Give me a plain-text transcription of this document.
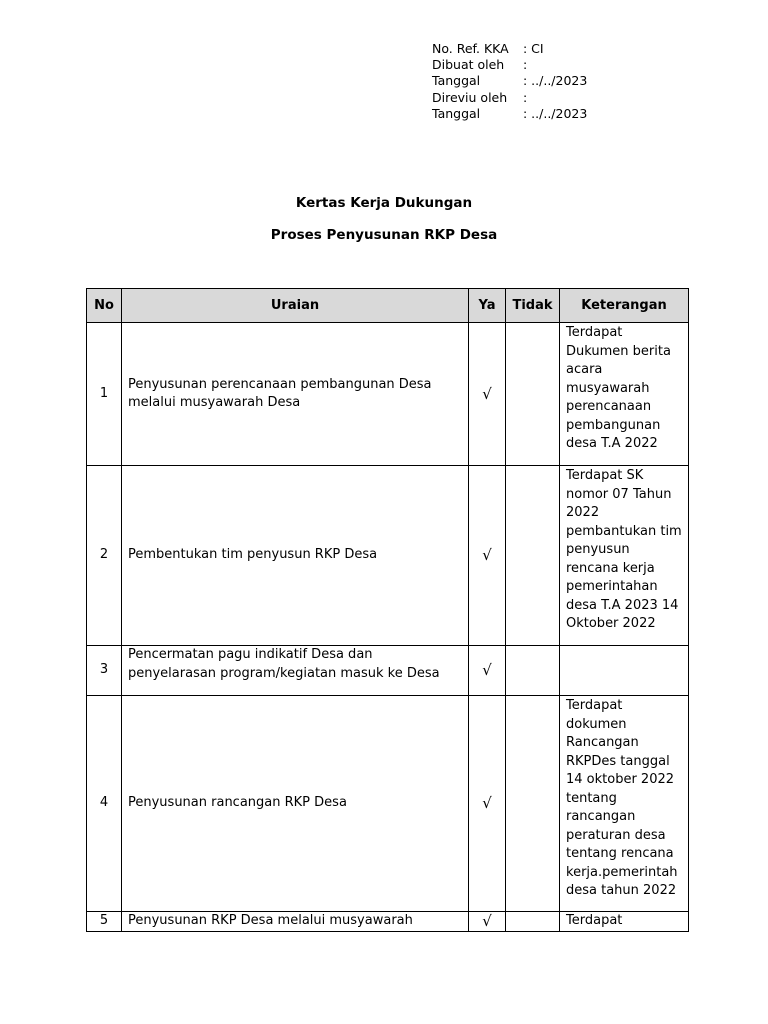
No. Ref. KKA	: CI
Dibuat oleh	:
Tanggal	: ../../2023
Direviu oleh	:
Tanggal	: ../../2023
Kertas Kerja Dukungan
Proses Penyusunan RKP Desa
No	Uraian	Ya	Tidak	Keterangan
1	Penyusunan perencanaan pembangunan Desa melalui musyawarah Desa	√		Terdapat Dukumen berita acara musyawarah perencanaan pembangunan desa T.A 2022
2	Pembentukan tim penyusun RKP Desa	√		Terdapat SK nomor 07 Tahun 2022 pembantukan tim penyusun rencana kerja pemerintahan desa T.A 2023 14 Oktober 2022
3	Pencermatan pagu indikatif Desa dan penyelarasan program/kegiatan masuk ke Desa	√		
4	Penyusunan rancangan RKP Desa	√		Terdapat dokumen Rancangan RKPDes tanggal 14 oktober 2022 tentang rancangan peraturan desa tentang rencana kerja.pemerintah desa tahun 2022
5	Penyusunan RKP Desa melalui musyawarah	√		Terdapat
